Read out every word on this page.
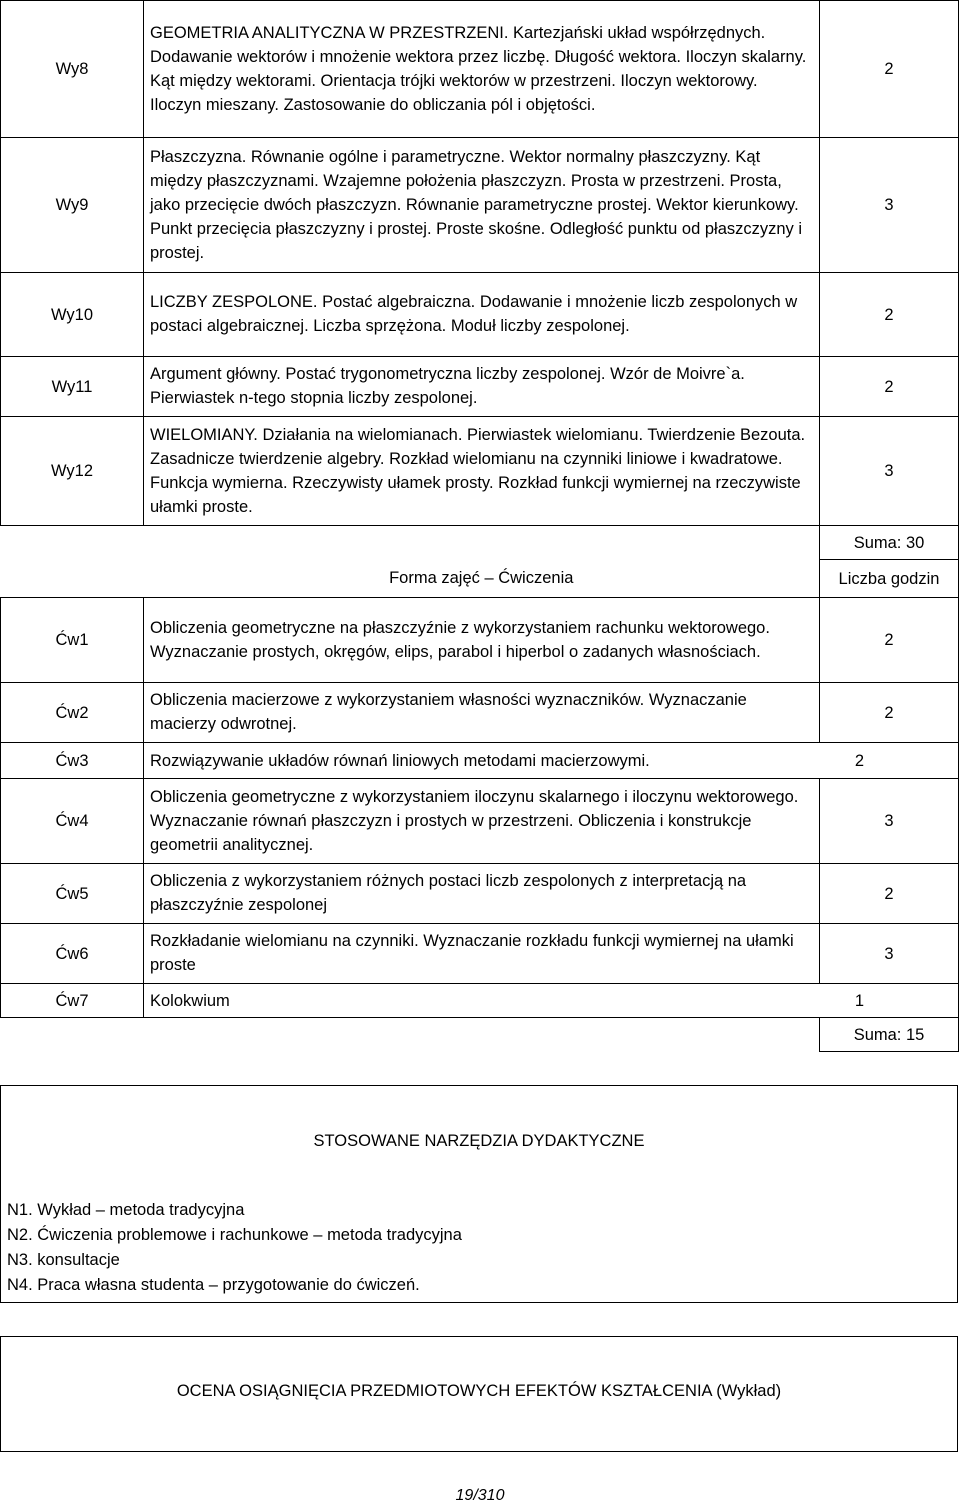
Wy8	GEOMETRIA ANALITYCZNA W PRZESTRZENI. Kartezjański układ współrzędnych. Dodawanie wektorów i mnożenie wektora przez liczbę. Długość wektora. Iloczyn skalarny. Kąt między wektorami. Orientacja trójki wektorów w przestrzeni. Iloczyn wektorowy. Iloczyn mieszany. Zastosowanie do obliczania pól i objętości.	2
Wy9	Płaszczyzna. Równanie ogólne i parametryczne. Wektor normalny płaszczyzny. Kąt między płaszczyznami. Wzajemne położenia płaszczyzn. Prosta w przestrzeni. Prosta, jako przecięcie dwóch płaszczyzn. Równanie parametryczne prostej. Wektor kierunkowy. Punkt przecięcia płaszczyzny i prostej. Proste skośne. Odległość punktu od płaszczyzny i prostej.	3
Wy10	LICZBY ZESPOLONE. Postać algebraiczna. Dodawanie i mnożenie liczb zespolonych w postaci algebraicznej. Liczba sprzężona. Moduł liczby zespolonej.	2
Wy11	Argument główny. Postać trygonometryczna liczby zespolonej. Wzór de Moivre`a. Pierwiastek n-tego stopnia liczby zespolonej.	2
Wy12	WIELOMIANY. Działania na wielomianach. Pierwiastek wielomianu. Twierdzenie Bezouta. Zasadnicze twierdzenie algebry. Rozkład wielomianu na czynniki liniowe i kwadratowe. Funkcja wymierna. Rzeczywisty ułamek prosty. Rozkład funkcji wymiernej na rzeczywiste ułamki proste.	3
		Suma: 30
	Forma zajęć – Ćwiczenia	Liczba godzin
Ćw1	Obliczenia geometryczne na płaszczyźnie z wykorzystaniem rachunku wektorowego. Wyznaczanie prostych, okręgów, elips, parabol i hiperbol o zadanych własnościach.	2
Ćw2	Obliczenia macierzowe z wykorzystaniem własności wyznaczników. Wyznaczanie macierzy odwrotnej.	2
Ćw3	Rozwiązywanie układów równań liniowych metodami macierzowymi. 2	

Ćw4	Obliczenia geometryczne z wykorzystaniem iloczynu skalarnego i iloczynu wektorowego. Wyznaczanie równań płaszczyzn i prostych w przestrzeni. Obliczenia i konstrukcje geometrii analitycznej.	3
Ćw5	Obliczenia z wykorzystaniem różnych postaci liczb zespolonych z interpretacją na płaszczyźnie zespolonej	2
Ćw6	Rozkładanie wielomianu na czynniki. Wyznaczanie rozkładu funkcji wymiernej na ułamki proste	3
Ćw7	Kolokwium 1	

		Suma: 15
STOSOWANE NARZĘDZIA DYDAKTYCZNE
N1. Wykład – metoda tradycyjna
N2. Ćwiczenia problemowe i rachunkowe – metoda tradycyjna
N3. konsultacje
N4. Praca własna studenta – przygotowanie do ćwiczeń.
OCENA OSIĄGNIĘCIA PRZEDMIOTOWYCH EFEKTÓW KSZTAŁCENIA (Wykład)
19/310
